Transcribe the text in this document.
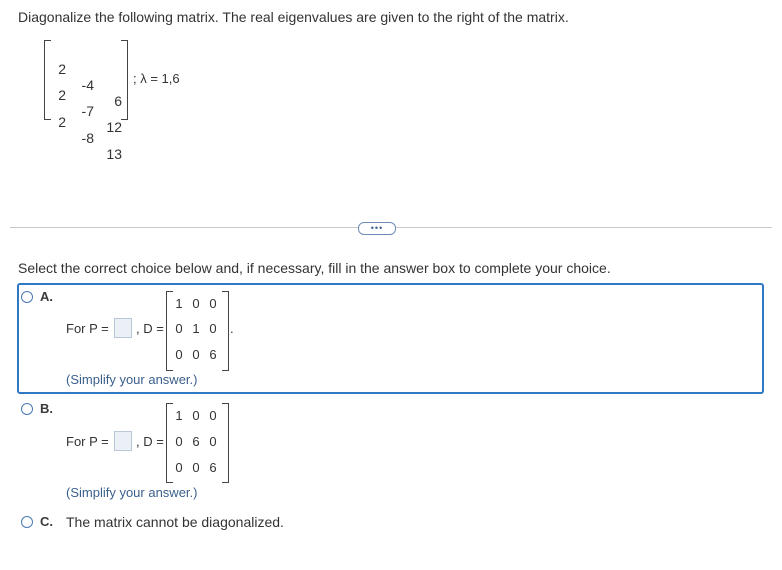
Diagonalize the following matrix. The real eigenvalues are given to the right of the matrix.

2

-4

6

2

-7

12

2

-8

13

; λ = 1,6
•••
Select the correct choice below and, if necessary, fill in the answer box to complete your choice.
A.
For P = , D =
1 0 0
0 1 0
0 0 6
.
(Simplify your answer.)
B.
For P = , D =
1 0 0
0 6 0
0 0 6
(Simplify your answer.)
C. The matrix cannot be diagonalized.
